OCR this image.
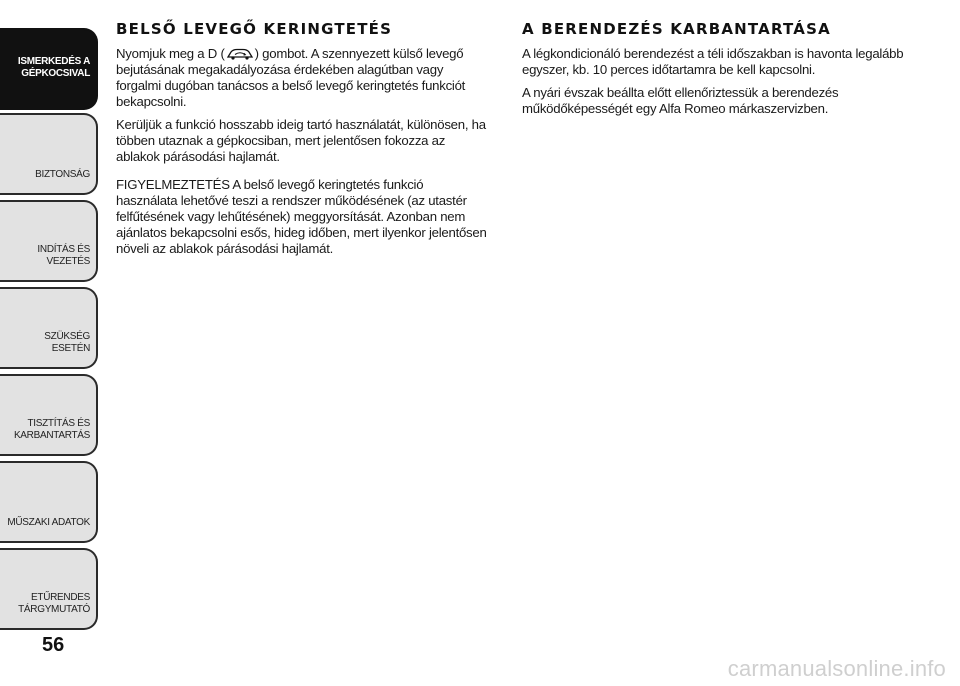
ISMERKEDÉS A
GÉPKOCSIVAL
BIZTONSÁG
INDÍTÁS ÉS VEZETÉS
SZÜKSÉG ESETÉN
TISZTÍTÁS ÉS
KARBANTARTÁS
MŰSZAKI ADATOK
ETŰRENDES
TÁRGYMUTATÓ
56
BELSŐ LEVEGŐ KERINGTETÉS

Nyomjuk meg a D ( ) gombot. A szennyezett külső levegő bejutásának megakadályozása érdekében alagútban vagy forgalmi dugóban tanácsos a belső levegő keringtetés funkciót bekapcsolni.

Kerüljük a funkció hosszabb ideig tartó használatát, különösen, ha többen utaznak a gépkocsiban, mert jelentősen fokozza az ablakok párásodási hajlamát.

FIGYELMEZTETÉS A belső levegő keringtetés funkció használata lehetővé teszi a rendszer működésének (az utastér felfűtésének vagy lehűtésének) meggyorsítását. Azonban nem ajánlatos bekapcsolni esős, hideg időben, mert ilyenkor jelentősen növeli az ablakok párásodási hajlamát.

A BERENDEZÉS KARBANTARTÁSA

A légkondicionáló berendezést a téli időszakban is havonta legalább egyszer, kb. 10 perces időtartamra be kell kapcsolni.

A nyári évszak beállta előtt ellenőriztessük a berendezés működőképességét egy Alfa Romeo márkaszervizben.

carmanualsonline.info
